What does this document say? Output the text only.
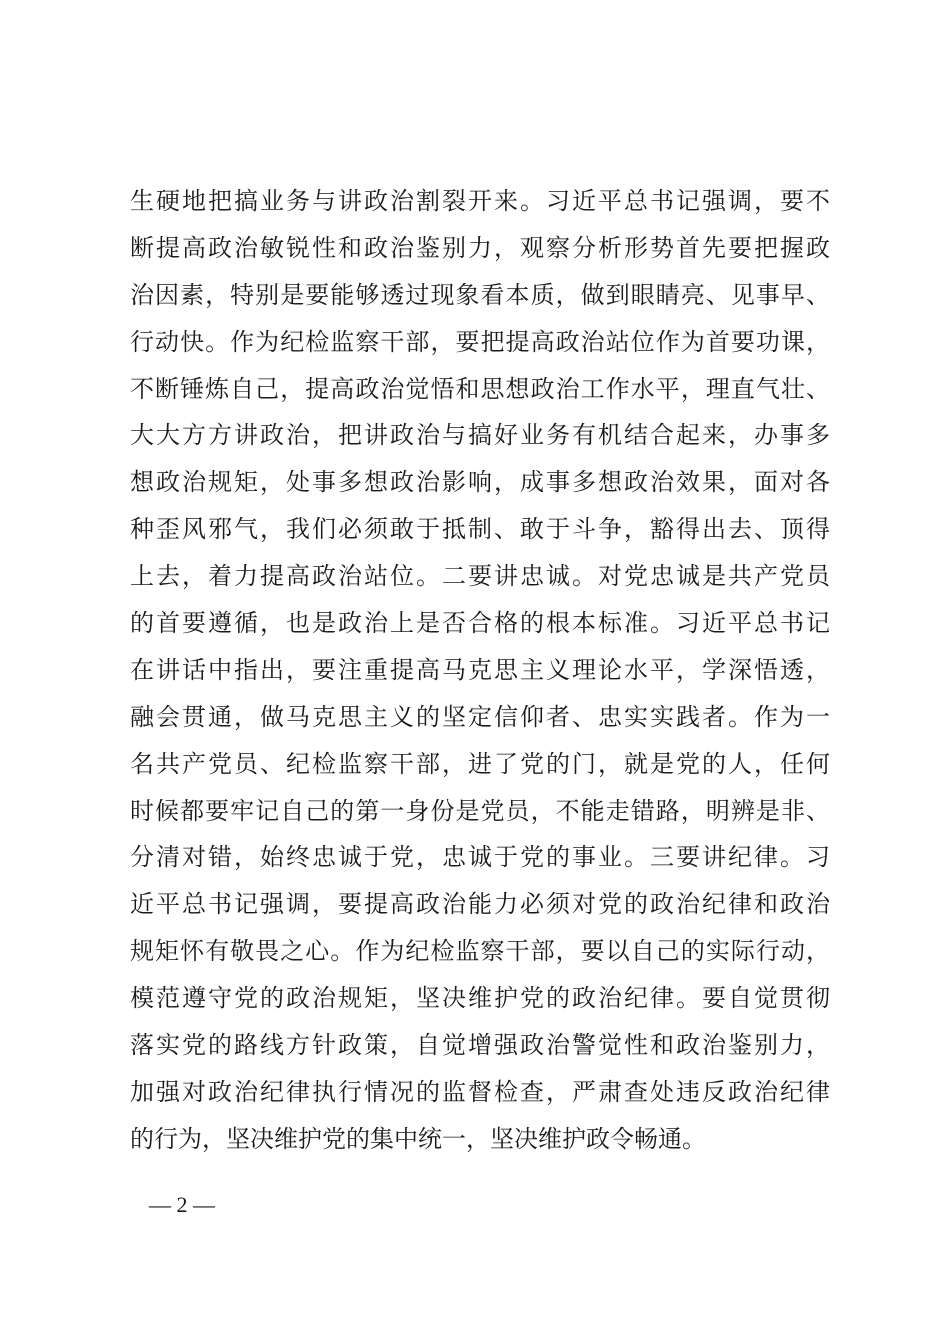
生硬地把搞业务与讲政治割裂开来。习近平总书记强调，要不
断提高政治敏锐性和政治鉴别力，观察分析形势首先要把握政
治因素，特别是要能够透过现象看本质，做到眼睛亮、见事早、
行动快。作为纪检监察干部，要把提高政治站位作为首要功课，
不断锤炼自己，提高政治觉悟和思想政治工作水平，理直气壮、
大大方方讲政治，把讲政治与搞好业务有机结合起来，办事多
想政治规矩，处事多想政治影响，成事多想政治效果，面对各
种歪风邪气，我们必须敢于抵制、敢于斗争，豁得出去、顶得
上去，着力提高政治站位。二要讲忠诚。对党忠诚是共产党员
的首要遵循，也是政治上是否合格的根本标准。习近平总书记
在讲话中指出，要注重提高马克思主义理论水平，学深悟透，
融会贯通，做马克思主义的坚定信仰者、忠实实践者。作为一
名共产党员、纪检监察干部，进了党的门，就是党的人，任何
时候都要牢记自己的第一身份是党员，不能走错路，明辨是非、
分清对错，始终忠诚于党，忠诚于党的事业。三要讲纪律。习
近平总书记强调，要提高政治能力必须对党的政治纪律和政治
规矩怀有敬畏之心。作为纪检监察干部，要以自己的实际行动，
模范遵守党的政治规矩，坚决维护党的政治纪律。要自觉贯彻
落实党的路线方针政策，自觉增强政治警觉性和政治鉴别力，
加强对政治纪律执行情况的监督检查，严肃查处违反政治纪律
的行为，坚决维护党的集中统一，坚决维护政令畅通。
— 2 —
